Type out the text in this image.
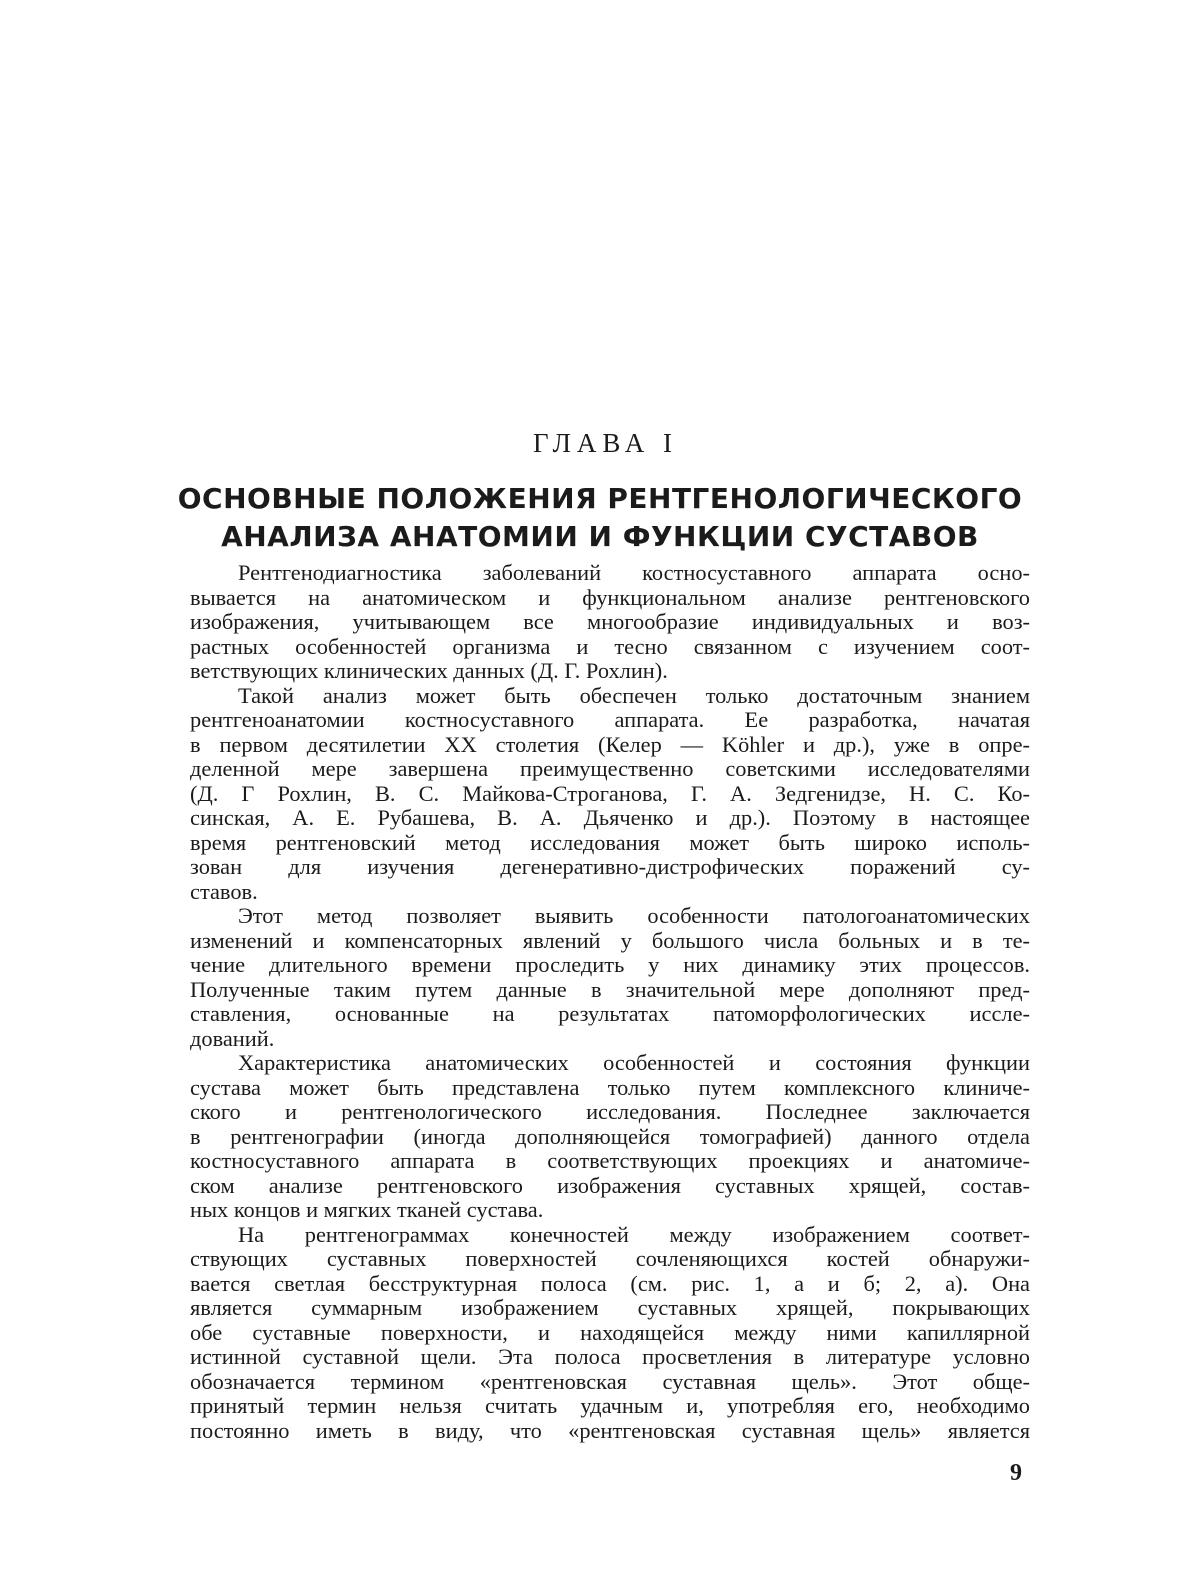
ГЛАВА I
ОСНОВНЫЕ ПОЛОЖЕНИЯ РЕНТГЕНОЛОГИЧЕСКОГО
АНАЛИЗА АНАТОМИИ И ФУНКЦИИ СУСТАВОВ
Рентгенодиагностика заболеваний костносуставного аппарата осно-
вывается на анатомическом и функциональном анализе рентгеновского
изображения, учитывающем все многообразие индивидуальных и воз-
растных особенностей организма и тесно связанном с изучением соот-
ветствующих клинических данных (Д. Г. Рохлин).
Такой анализ может быть обеспечен только достаточным знанием
рентгеноанатомии костносуставного аппарата. Ее разработка, начатая
в первом десятилетии XX столетия (Келер — Köhler и др.), уже в опре-
деленной мере завершена преимущественно советскими исследователями
(Д. Г Рохлин, В. С. Майкова-Строганова, Г. А. Зедгенидзе, Н. С. Ко-
синская, А. Е. Рубашева, В. А. Дьяченко и др.). Поэтому в настоящее
время рентгеновский метод исследования может быть широко исполь-
зован для изучения дегенеративно-дистрофических поражений су-
ставов.
Этот метод позволяет выявить особенности патологоанатомических
изменений и компенсаторных явлений у большого числа больных и в те-
чение длительного времени проследить у них динамику этих процессов.
Полученные таким путем данные в значительной мере дополняют пред-
ставления, основанные на результатах патоморфологических иссле-
дований.
Характеристика анатомических особенностей и состояния функции
сустава может быть представлена только путем комплексного клиниче-
ского и рентгенологического исследования. Последнее заключается
в рентгенографии (иногда дополняющейся томографией) данного отдела
костносуставного аппарата в соответствующих проекциях и анатомиче-
ском анализе рентгеновского изображения суставных хрящей, состав-
ных концов и мягких тканей сустава.
На рентгенограммах конечностей между изображением соответ-
ствующих суставных поверхностей сочленяющихся костей обнаружи-
вается светлая бесструктурная полоса (см. рис. 1, а и б; 2, а). Она
является суммарным изображением суставных хрящей, покрывающих
обе суставные поверхности, и находящейся между ними капиллярной
истинной суставной щели. Эта полоса просветления в литературе условно
обозначается термином «рентгеновская суставная щель». Этот обще-
принятый термин нельзя считать удачным и, употребляя его, необходимо
постоянно иметь в виду, что «рентгеновская суставная щель» является
9
